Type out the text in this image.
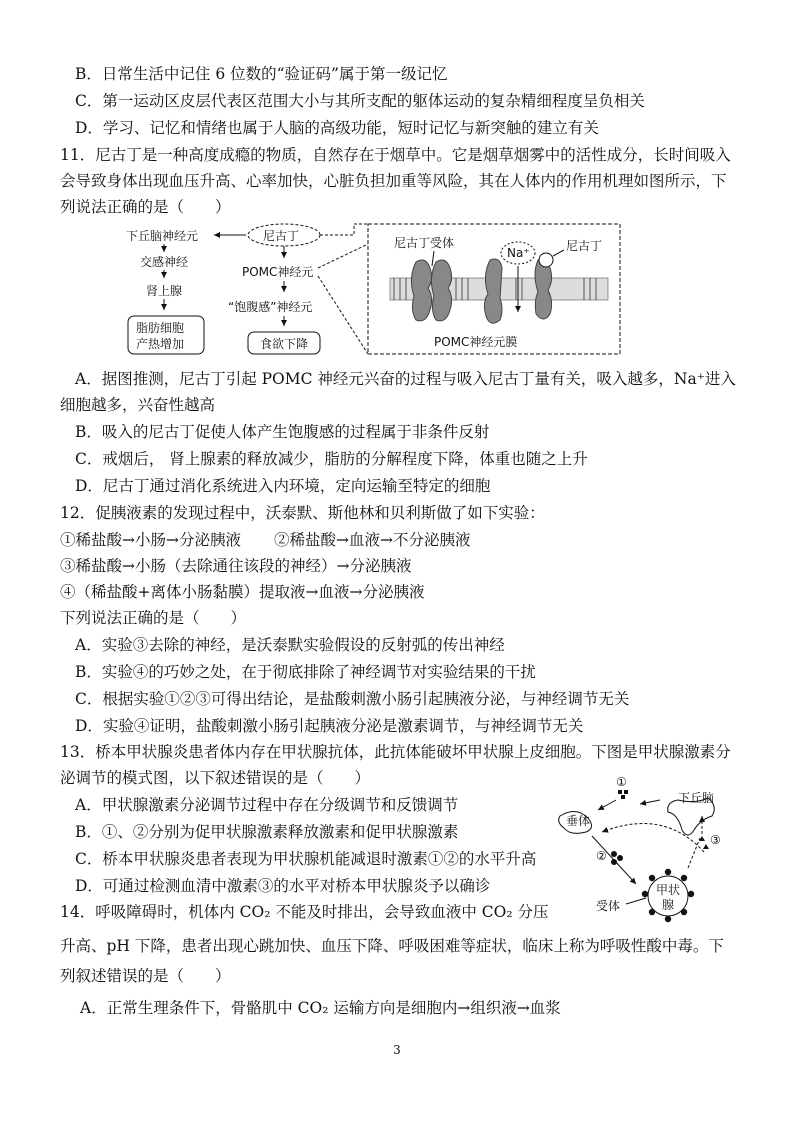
B．日常生活中记住 6 位数的“验证码”属于第一级记忆
C．第一运动区皮层代表区范围大小与其所支配的躯体运动的复杂精细程度呈负相关
D．学习、记忆和情绪也属于人脑的高级功能，短时记忆与新突触的建立有关
11．尼古丁是一种高度成瘾的物质，自然存在于烟草中。它是烟草烟雾中的活性成分，长时间吸入
会导致身体出现血压升高、心率加快，心脏负担加重等风险，其在人体内的作用机理如图所示，下
列说法正确的是（　　）
尼古丁
下丘脑神经元
交感神经
肾上腺
脂肪细胞
产热增加
POMC神经元
“饱腹感”神经元
食欲下降
尼古丁受体
Na⁺	尼古丁
POMC神经元膜
A．据图推测，尼古丁引起 POMC 神经元兴奋的过程与吸入尼古丁量有关，吸入越多，Na⁺进入
细胞越多，兴奋性越高
B．吸入的尼古丁促使人体产生饱腹感的过程属于非条件反射
C．戒烟后， 肾上腺素的释放减少，脂肪的分解程度下降，体重也随之上升
D．尼古丁通过消化系统进入内环境，定向运输至特定的细胞
12．促胰液素的发现过程中，沃泰默、斯他林和贝利斯做了如下实验：
①稀盐酸→小肠→分泌胰液 ②稀盐酸→血液→不分泌胰液
③稀盐酸→小肠（去除通往该段的神经）→分泌胰液
④（稀盐酸+离体小肠黏膜）提取液→血液→分泌胰液
下列说法正确的是（　　）
A．实验③去除的神经，是沃泰默实验假设的反射弧的传出神经
B．实验④的巧妙之处，在于彻底排除了神经调节对实验结果的干扰
C．根据实验①②③可得出结论，是盐酸刺激小肠引起胰液分泌，与神经调节无关
D．实验④证明，盐酸刺激小肠引起胰液分泌是激素调节，与神经调节无关
13．桥本甲状腺炎患者体内存在甲状腺抗体，此抗体能破坏甲状腺上皮细胞。下图是甲状腺激素分
泌调节的模式图，以下叙述错误的是（　　）
A．甲状腺激素分泌调节过程中存在分级调节和反馈调节
B．①、②分别为促甲状腺激素释放激素和促甲状腺激素
C．桥本甲状腺炎患者表现为甲状腺机能减退时激素①②的水平升高
D．可通过检测血清中激素③的水平对桥本甲状腺炎予以确诊
下丘脑
①
垂体
③
②
甲状
腺
受体
14．呼吸障碍时，机体内 CO₂ 不能及时排出，会导致血液中 CO₂ 分压
升高、pH 下降，患者出现心跳加快、血压下降、呼吸困难等症状，临床上称为呼吸性酸中毒。下
列叙述错误的是（　　）
A．正常生理条件下，骨骼肌中 CO₂ 运输方向是细胞内→组织液→血浆
3
